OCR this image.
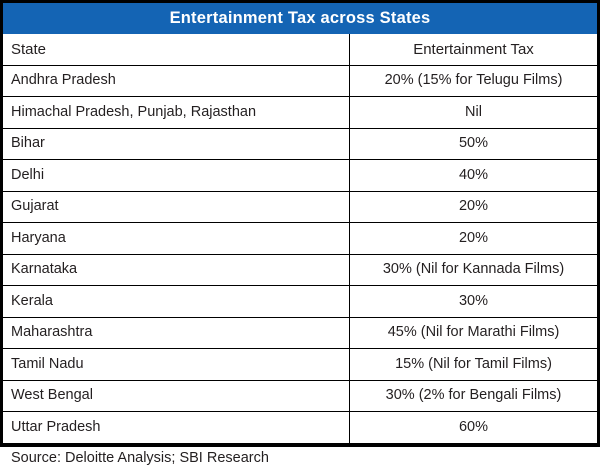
Entertainment Tax across States
State	Entertainment Tax
Andhra Pradesh	20% (15% for Telugu Films)
Himachal Pradesh, Punjab, Rajasthan	Nil
Bihar	50%
Delhi	40%
Gujarat	20%
Haryana	20%
Karnataka	30% (Nil for Kannada Films)
Kerala	30%
Maharashtra	45% (Nil for Marathi Films)
Tamil Nadu	15% (Nil for Tamil Films)
West Bengal	30% (2% for Bengali Films)
Uttar Pradesh	60%
Source: Deloitte Analysis; SBI Research
